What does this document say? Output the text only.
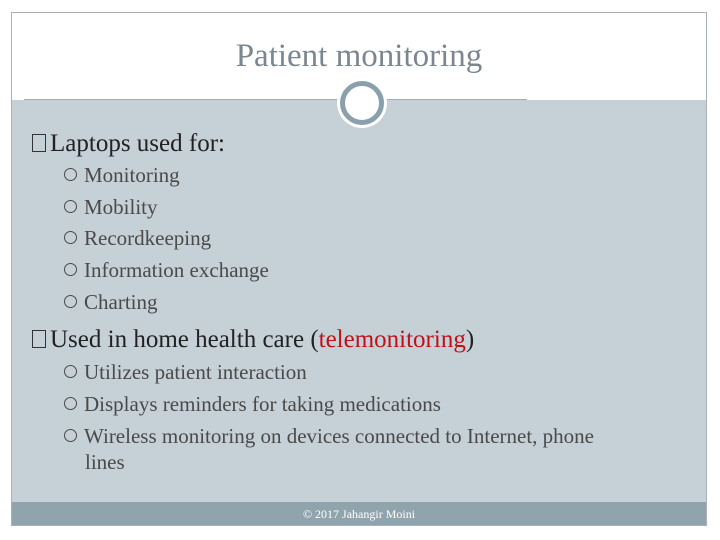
Patient monitoring
Laptops used for:
Monitoring
Mobility
Recordkeeping
Information exchange
Charting
Used in home health care (telemonitoring)
Utilizes patient interaction
Displays reminders for taking medications
Wireless monitoring on devices connected to Internet, phone
lines
© 2017 Jahangir Moini
